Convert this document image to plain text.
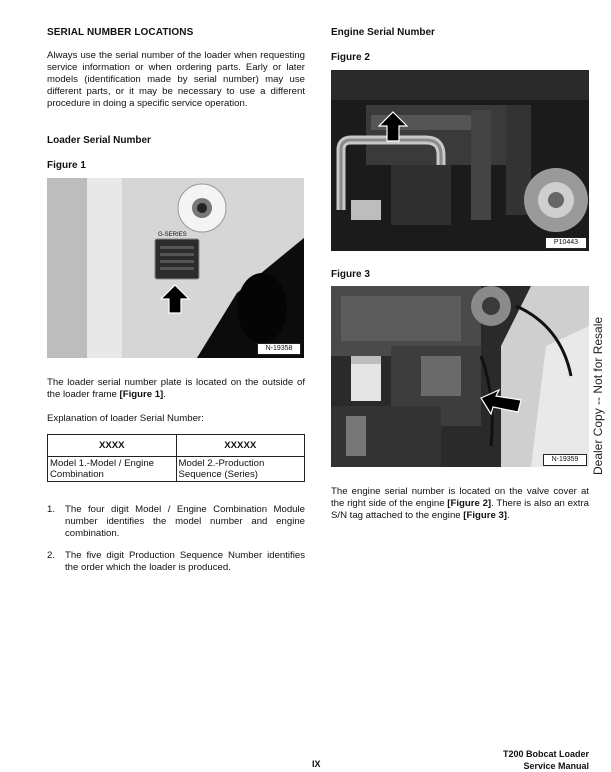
SERIAL NUMBER LOCATIONS
Always use the serial number of the loader when requesting service information or when ordering parts. Early or later models (identification made by serial number) may use different parts, or it may be necessary to use a different procedure in doing a specific service operation.
Loader Serial Number
Figure 1
G-SERIES
N-19358
The loader serial number plate is located on the outside of the loader frame [Figure 1].
Explanation of loader Serial Number:
XXXX	XXXXX
Model 1.-Model / Engine Combination	Model 2.-Production Sequence (Series)
1. The four digit Model / Engine Combination Module number identifies the model number and engine combination.
2. The five digit Production Sequence Number identifies the order which the loader is produced.
Engine Serial Number
Figure 2
P10443
Figure 3
N-19359
The engine serial number is located on the valve cover at the right side of the engine [Figure 2]. There is also an extra S/N tag attached to the engine [Figure 3].
Dealer Copy -- Not for Resale
IX
T200 Bobcat Loader
Service Manual
